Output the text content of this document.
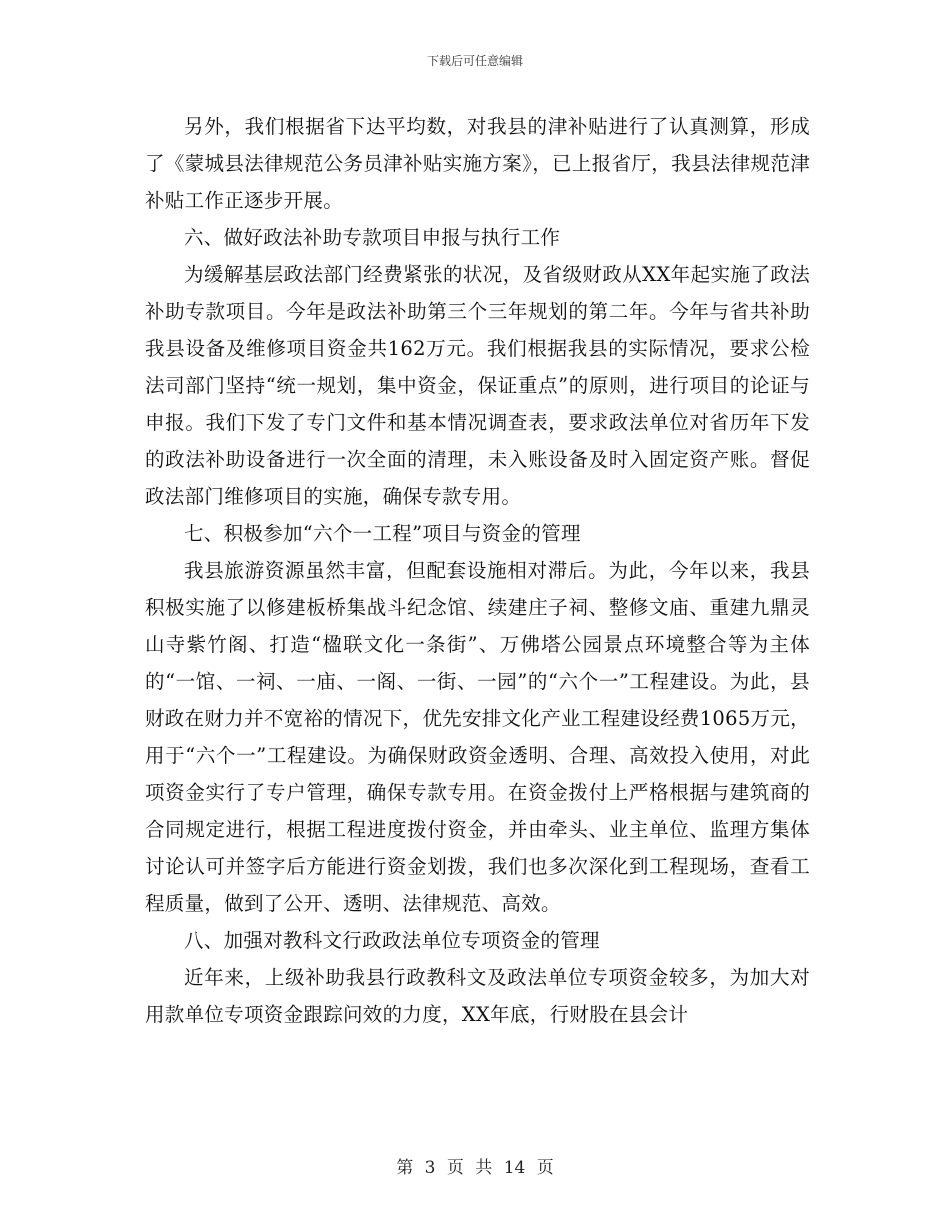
下载后可任意编辑

另外，我们根据省下达平均数，对我县的津补贴进行了认真测算，形成了《蒙城县法律规范公务员津补贴实施方案》，已上报省厅，我县法律规范津补贴工作正逐步开展。

六、做好政法补助专款项目申报与执行工作

为缓解基层政法部门经费紧张的状况，及省级财政从XX年起实施了政法补助专款项目。今年是政法补助第三个三年规划的第二年。今年与省共补助我县设备及维修项目资金共162万元。我们根据我县的实际情况，要求公检法司部门坚持“统一规划，集中资金，保证重点”的原则，进行项目的论证与申报。我们下发了专门文件和基本情况调查表，要求政法单位对省历年下发的政法补助设备进行一次全面的清理，未入账设备及时入固定资产账。督促政法部门维修项目的实施，确保专款专用。

七、积极参加“六个一工程”项目与资金的管理

我县旅游资源虽然丰富，但配套设施相对滞后。为此，今年以来，我县积极实施了以修建板桥集战斗纪念馆、续建庄子祠、整修文庙、重建九鼎灵山寺紫竹阁、打造“楹联文化一条街”、万佛塔公园景点环境整合等为主体的“一馆、一祠、一庙、一阁、一街、一园”的“六个一”工程建设。为此，县财政在财力并不宽裕的情况下，优先安排文化产业工程建设经费1065万元，用于“六个一”工程建设。为确保财政资金透明、合理、高效投入使用，对此项资金实行了专户管理，确保专款专用。在资金拨付上严格根据与建筑商的合同规定进行，根据工程进度拨付资金，并由牵头、业主单位、监理方集体讨论认可并签字后方能进行资金划拨，我们也多次深化到工程现场，查看工程质量，做到了公开、透明、法律规范、高效。

八、加强对教科文行政政法单位专项资金的管理

近年来，上级补助我县行政教科文及政法单位专项资金较多，为加大对用款单位专项资金跟踪问效的力度，XX年底，行财股在县会计

第 3 页 共 14 页
